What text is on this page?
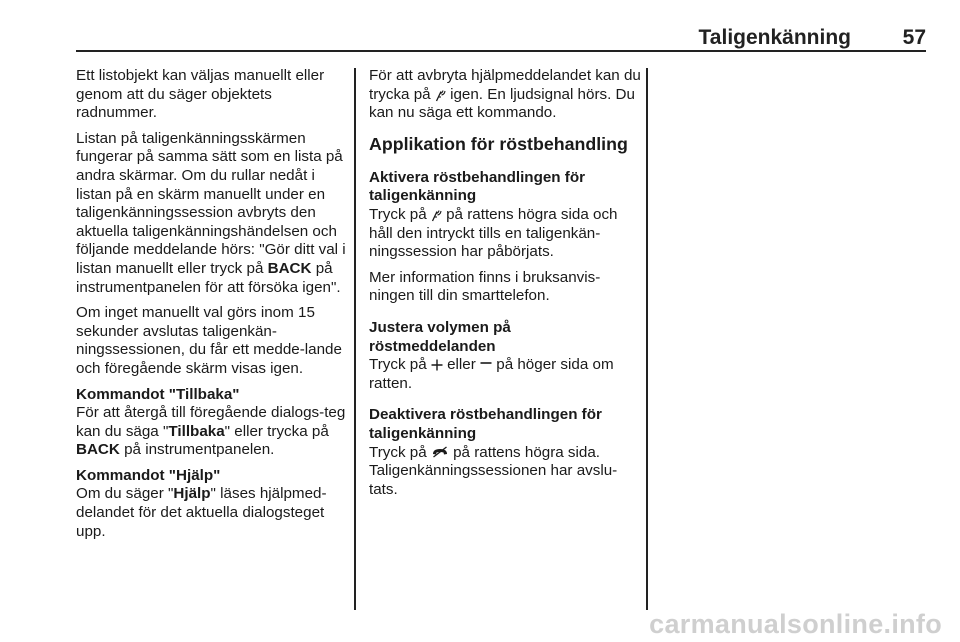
Taligenkänning 57

Ett listobjekt kan väljas manuellt eller genom att du säger objektets radnummer.

Listan på taligenkänningsskärmen fungerar på samma sätt som en lista på andra skärmar. Om du rullar nedåt i listan på en skärm manuellt under en taligenkänningssession avbryts den aktuella taligenkänningshändelsen och följande meddelande hörs: "Gör ditt val i listan manuellt eller tryck på BACK på instrumentpanelen för att försöka igen".

Om inget manuellt val görs inom 15 sekunder avslutas taligenkän-ningssessionen, du får ett medde-lande och föregående skärm visas igen.

Kommandot "Tillbaka"

För att återgå till föregående dialogs-teg kan du säga "Tillbaka" eller trycka på BACK på instrumentpanelen.

Kommandot "Hjälp"

Om du säger "Hjälp" läses hjälpmed-delandet för det aktuella dialogsteget upp.

För att avbryta hjälpmeddelandet kan du trycka på
igen. En ljudsignal hörs. Du kan nu säga ett kommando.

Applikation för röstbehandling
Aktivera röstbehandlingen för taligenkänning

Tryck på
på rattens högra sida och håll den intryckt tills en taligenkän-ningssession har påbörjats.

Mer information finns i bruksanvis-ningen till din smarttelefon.

Justera volymen på röstmeddelanden

Tryck på
eller
på höger sida om ratten.

Deaktivera röstbehandlingen för taligenkänning

Tryck på
på rattens högra sida. Taligenkänningssessionen har avslu-tats.

carmanualsonline.info
